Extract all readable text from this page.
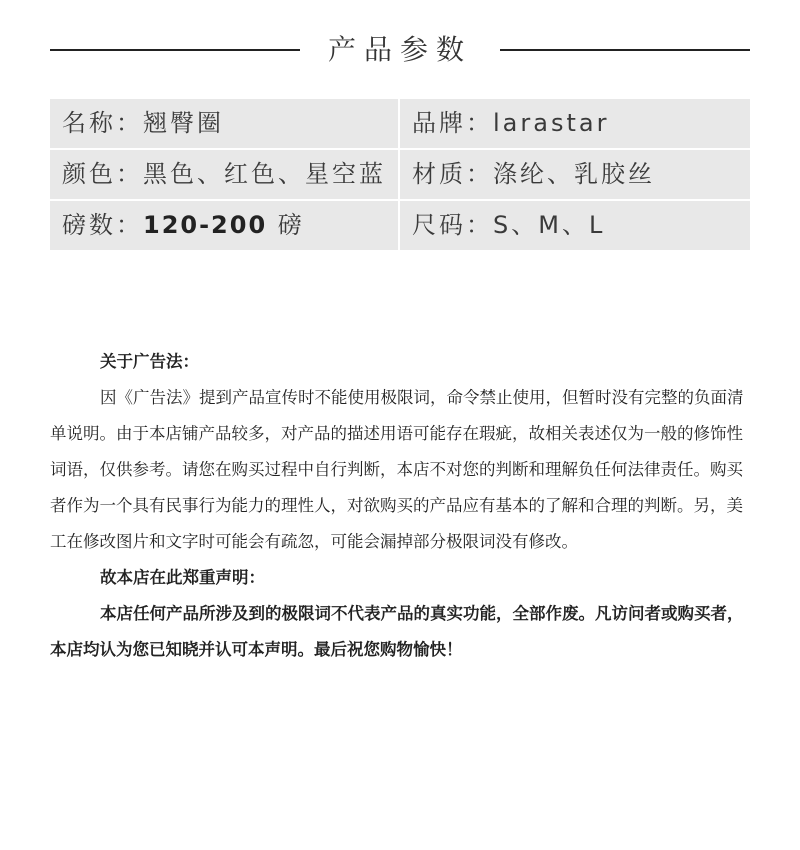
产品参数
名称：翘臀圈	品牌：larastar
颜色：黑色、红色、星空蓝	材质：涤纶、乳胶丝
磅数：120-200 磅	尺码：S、M、L

关于广告法：

因《广告法》提到产品宣传时不能使用极限词，命令禁止使用，但暂时没有完整的负面清单说明。由于本店铺产品较多，对产品的描述用语可能存在瑕疵，故相关表述仅为一般的修饰性词语，仅供参考。请您在购买过程中自行判断，本店不对您的判断和理解负任何法律责任。购买者作为一个具有民事行为能力的理性人，对欲购买的产品应有基本的了解和合理的判断。另，美工在修改图片和文字时可能会有疏忽，可能会漏掉部分极限词没有修改。

故本店在此郑重声明：

本店任何产品所涉及到的极限词不代表产品的真实功能，全部作废。凡访问者或购买者，本店均认为您已知晓并认可本声明。最后祝您购物愉快！
